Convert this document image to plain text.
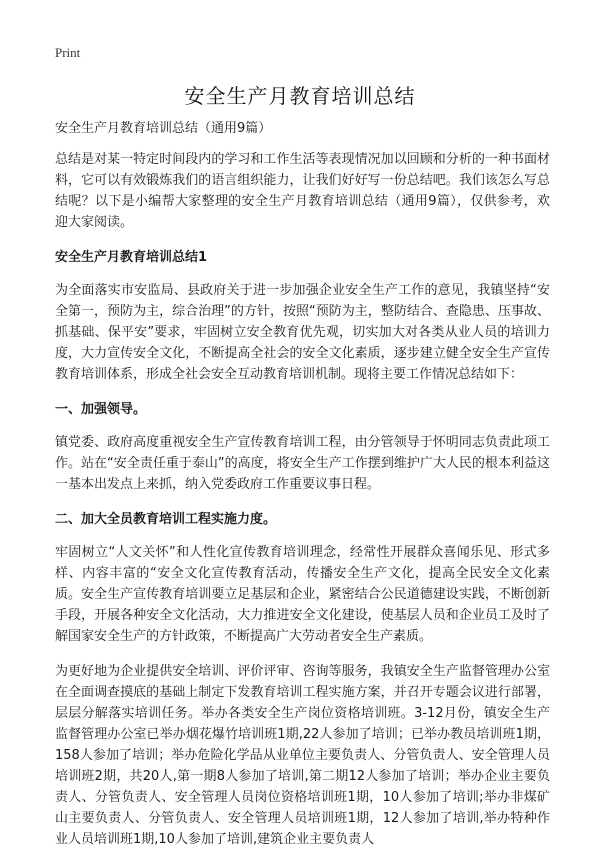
Print
安全生产月教育培训总结

安全生产月教育培训总结（通用9篇）

总结是对某一特定时间段内的学习和工作生活等表现情况加以回顾和分析的一种书面材料，它可以有效锻炼我们的语言组织能力，让我们好好写一份总结吧。我们该怎么写总结呢？以下是小编帮大家整理的安全生产月教育培训总结（通用9篇），仅供参考，欢迎大家阅读。

安全生产月教育培训总结1

为全面落实市安监局、县政府关于进一步加强企业安全生产工作的意见，我镇坚持“安全第一，预防为主，综合治理”的方针，按照“预防为主，整防结合、查隐患、压事故、抓基础、保平安”要求，牢固树立安全教育优先观，切实加大对各类从业人员的培训力度，大力宣传安全文化，不断提高全社会的安全文化素质，逐步建立健全安全生产宣传教育培训体系，形成全社会安全互动教育培训机制。现将主要工作情况总结如下：

一、加强领导。

镇党委、政府高度重视安全生产宣传教育培训工程，由分管领导于怀明同志负责此项工作。站在“安全责任重于泰山”的高度，将安全生产工作摆到维护广大人民的根本利益这一基本出发点上来抓，纳入党委政府工作重要议事日程。

二、加大全员教育培训工程实施力度。

牢固树立“人文关怀”和人性化宣传教育培训理念，经常性开展群众喜闻乐见、形式多样、内容丰富的“安全文化宣传教育活动，传播安全生产文化，提高全民安全文化素质。安全生产宣传教育培训要立足基层和企业，紧密结合公民道德建设实践，不断创新手段，开展各种安全文化活动，大力推进安全文化建设，使基层人员和企业员工及时了解国家安全生产的方针政策，不断提高广大劳动者安全生产素质。

为更好地为企业提供安全培训、评价评审、咨询等服务，我镇安全生产监督管理办公室在全面调查摸底的基础上制定下发教育培训工程实施方案，并召开专题会议进行部署，层层分解落实培训任务。举办各类安全生产岗位资格培训班。3-12月份，镇安全生产监督管理办公室已举办烟花爆竹培训班1期,22人参加了培训；已举办教员培训班1期，158人参加了培训；举办危险化学品从业单位主要负责人、分管负责人、安全管理人员培训班2期，共20人,第一期8人参加了培训,第二期12人参加了培训；举办企业主要负责人、分管负责人、安全管理人员岗位资格培训班1期，10人参加了培训;举办非煤矿山主要负责人、分管负责人、安全管理人员培训班1期，12人参加了培训,举办特种作业人员培训班1期,10人参加了培训,建筑企业主要负责人
